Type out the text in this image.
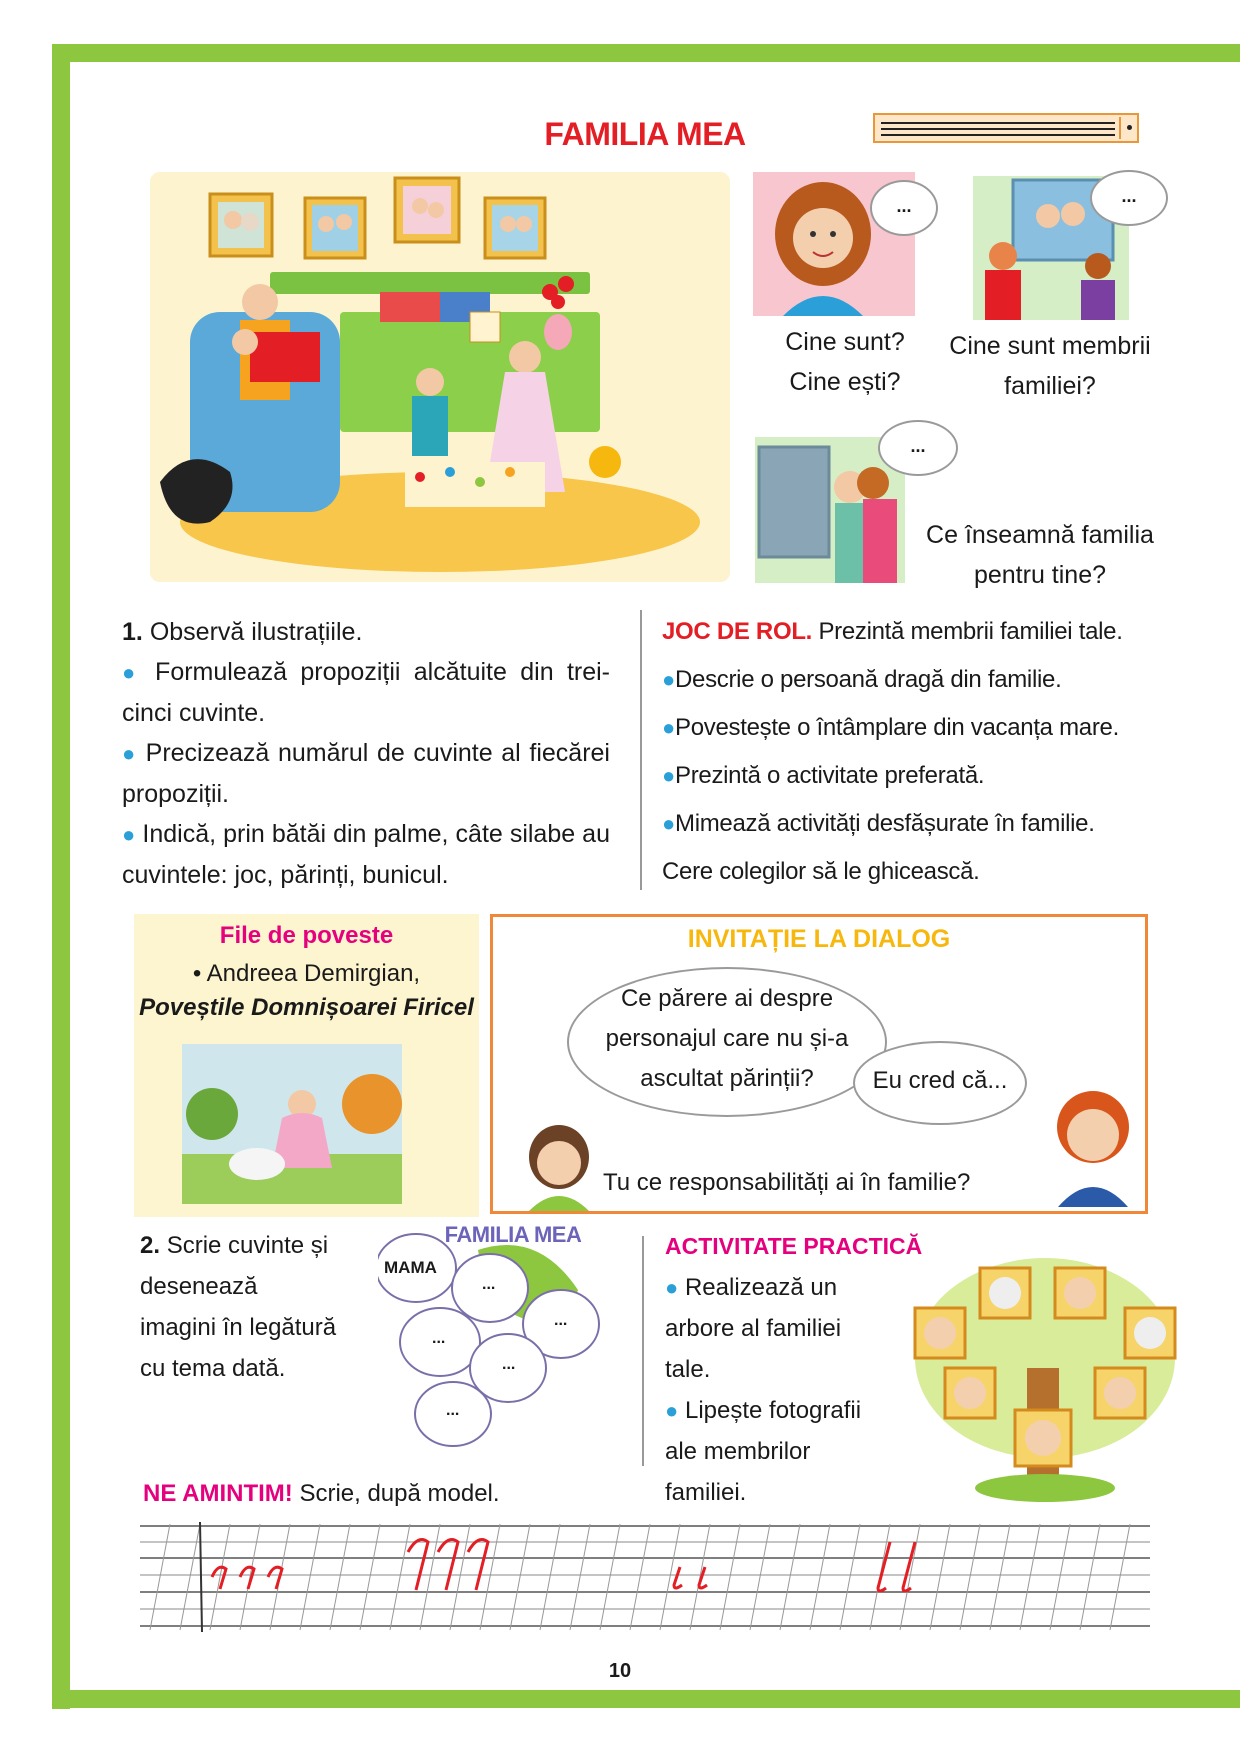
FAMILIA MEA
...	...
Cine sunt?
Cine ești?
Cine sunt membrii
familiei?
...
Ce înseamnă familia
pentru tine?

1. Observă ilustrațiile.

● Formulează propoziții alcătuite din trei-cinci cuvinte.

● Precizează numărul de cuvinte al fiecărei propoziții.

● Indică, prin bătăi din palme, câte silabe au cuvintele: joc, părinți, bunicul.

JOC DE ROL. Prezintă membrii familiei tale.

●Descrie o persoană dragă din familie.

●Povestește o întâmplare din vacanța mare.

●Prezintă o activitate preferată.

●Mimează activități desfășurate în familie.

Cere colegilor să le ghicească.

File de poveste
• Andreea Demirgian,
Poveștile Domnișoarei Firicel
INVITAȚIE LA DIALOG
Ce părere ai despre
personajul care nu și-a
ascultat părinții?	Eu cred că...
Tu ce responsabilități ai în familie?

2. Scrie cuvinte și

desenează

imagini în legătură

cu tema dată.

FAMILIA MEA
MAMA
...
...
...
...
...

ACTIVITATE PRACTICĂ

● Realizează un

arbore al familiei

tale.

● Lipește fotografii

ale membrilor

familiei.

NE AMINTIM! Scrie, după model.

10
